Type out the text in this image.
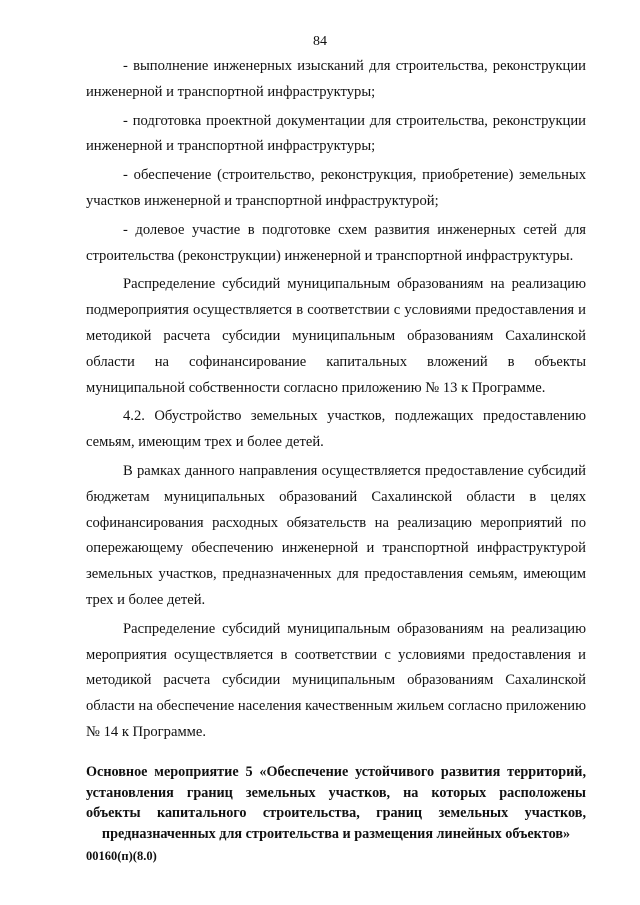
84

- выполнение инженерных изысканий для строительства, реконструкции инженерной и транспортной инфраструктуры;

- подготовка проектной документации для строительства, реконструкции инженерной и транспортной инфраструктуры;

- обеспечение (строительство, реконструкция, приобретение) земельных участков инженерной и транспортной инфраструктурой;

- долевое участие в подготовке схем развития инженерных сетей для строительства (реконструкции) инженерной и транспортной инфраструктуры.

Распределение субсидий муниципальным образованиям на реализацию подмероприятия осуществляется в соответствии с условиями предоставления и методикой расчета субсидии муниципальным образованиям Сахалинской области на софинансирование капитальных вложений в объекты муниципальной собственности согласно приложению № 13 к Программе.

4.2. Обустройство земельных участков, подлежащих предоставлению семьям, имеющим трех и более детей.

В рамках данного направления осуществляется предоставление субсидий бюджетам муниципальных образований Сахалинской области в целях софинансирования расходных обязательств на реализацию мероприятий по опережающему обеспечению инженерной и транспортной инфраструктурой земельных участков, предназначенных для предоставления семьям, имеющим трех и более детей.

Распределение субсидий муниципальным образованиям на реализацию мероприятия осуществляется в соответствии с условиями предоставления и методикой расчета субсидии муниципальным образованиям Сахалинской области на обеспечение населения качественным жильем согласно приложению № 14 к Программе.

Основное мероприятие 5 «Обеспечение устойчивого развития территорий, установления границ земельных участков, на которых расположены объекты капитального строительства, границ земельных участков, предназначенных для строительства и размещения линейных объектов»
00160(п)(8.0)
